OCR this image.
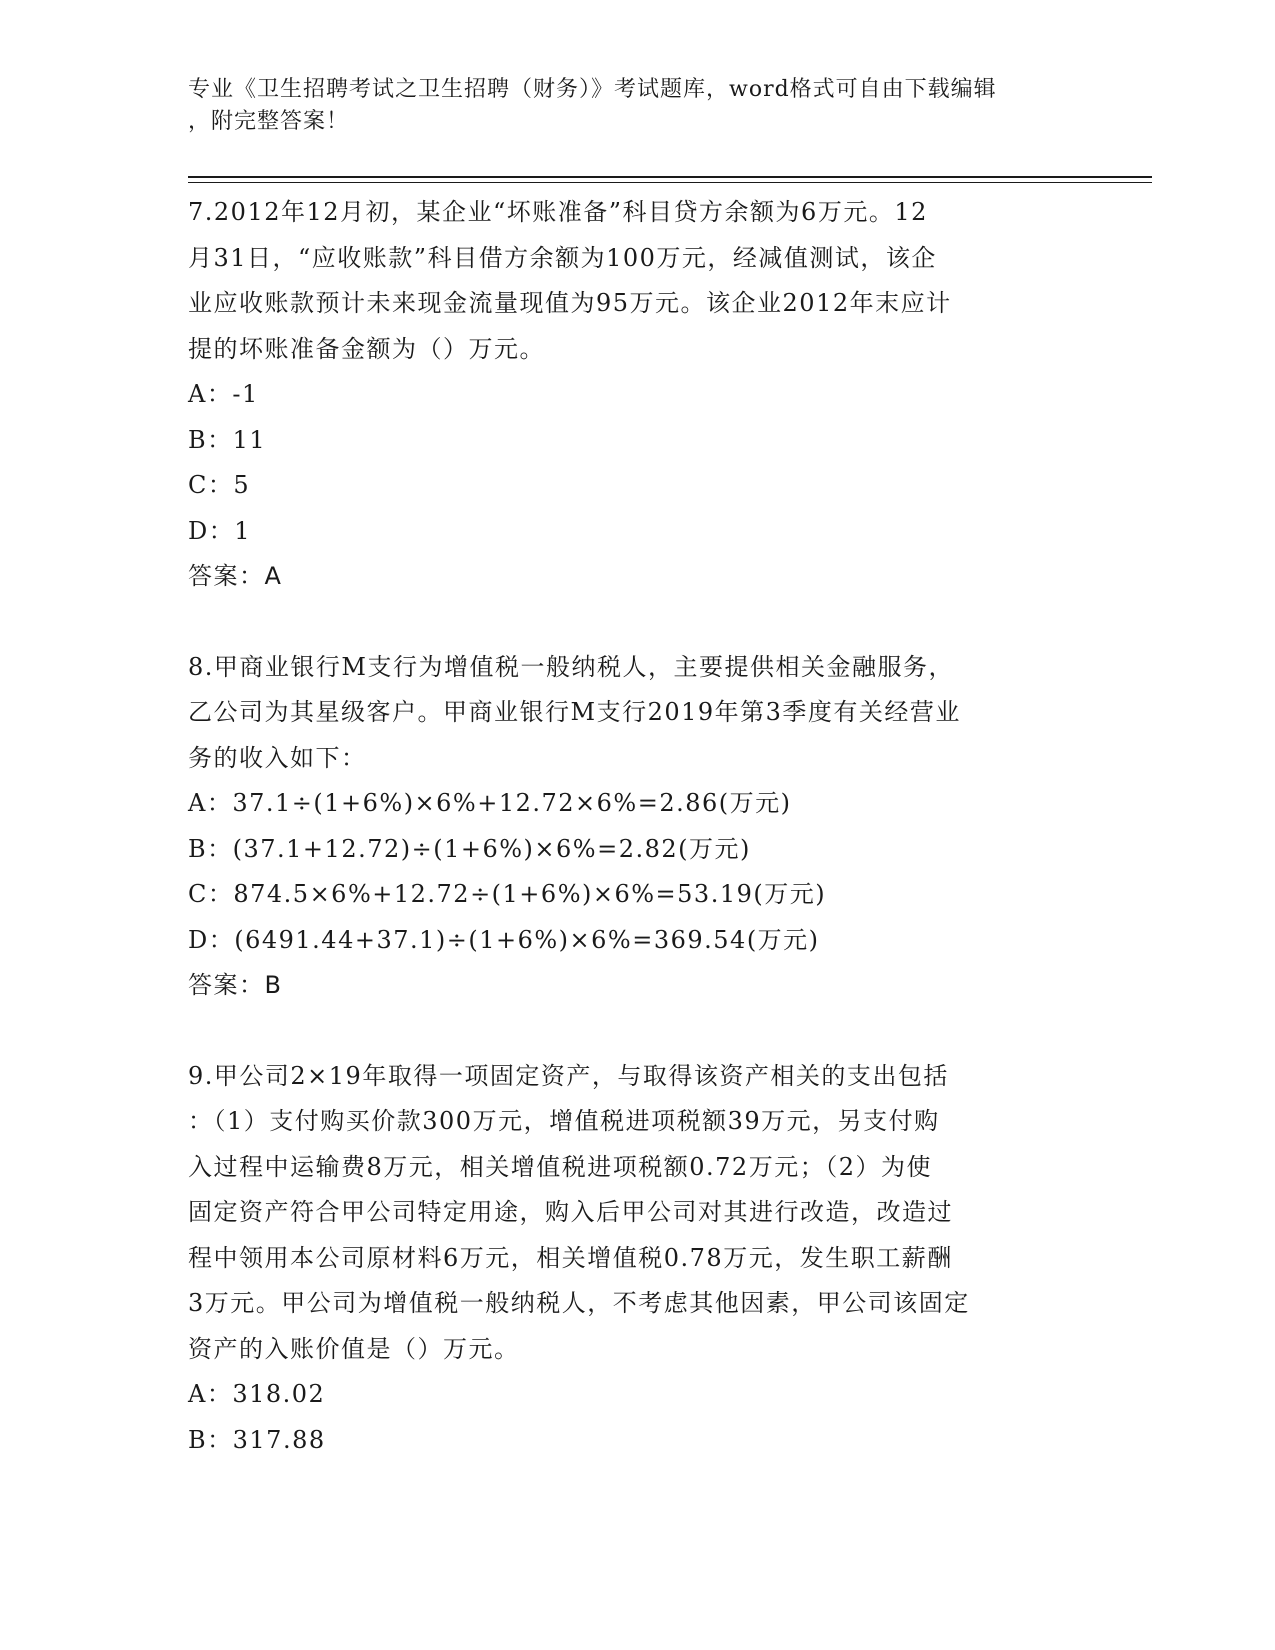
专业《卫生招聘考试之卫生招聘（财务）》考试题库，word格式可自由下载编辑
，附完整答案！

7.2012年12月初，某企业“坏账准备”科目贷方余额为6万元。12

月31日，“应收账款”科目借方余额为100万元，经减值测试，该企

业应收账款预计未来现金流量现值为95万元。该企业2012年末应计

提的坏账准备金额为（）万元。

A：-1

B：11

C：5

D：1

答案：A

8.甲商业银行M支行为增值税一般纳税人，主要提供相关金融服务，

乙公司为其星级客户。甲商业银行M支行2019年第3季度有关经营业

务的收入如下：

A：37.1÷(1+6%)×6%+12.72×6%=2.86(万元)

B：(37.1+12.72)÷(1+6%)×6%=2.82(万元)

C：874.5×6%+12.72÷(1+6%)×6%=53.19(万元)

D：(6491.44+37.1)÷(1+6%)×6%=369.54(万元)

答案：B

9.甲公司2×19年取得一项固定资产，与取得该资产相关的支出包括

：（1）支付购买价款300万元，增值税进项税额39万元，另支付购

入过程中运输费8万元，相关增值税进项税额0.72万元；（2）为使

固定资产符合甲公司特定用途，购入后甲公司对其进行改造，改造过

程中领用本公司原材料6万元，相关增值税0.78万元，发生职工薪酬

3万元。甲公司为增值税一般纳税人，不考虑其他因素，甲公司该固定

资产的入账价值是（）万元。

A：318.02

B：317.88
